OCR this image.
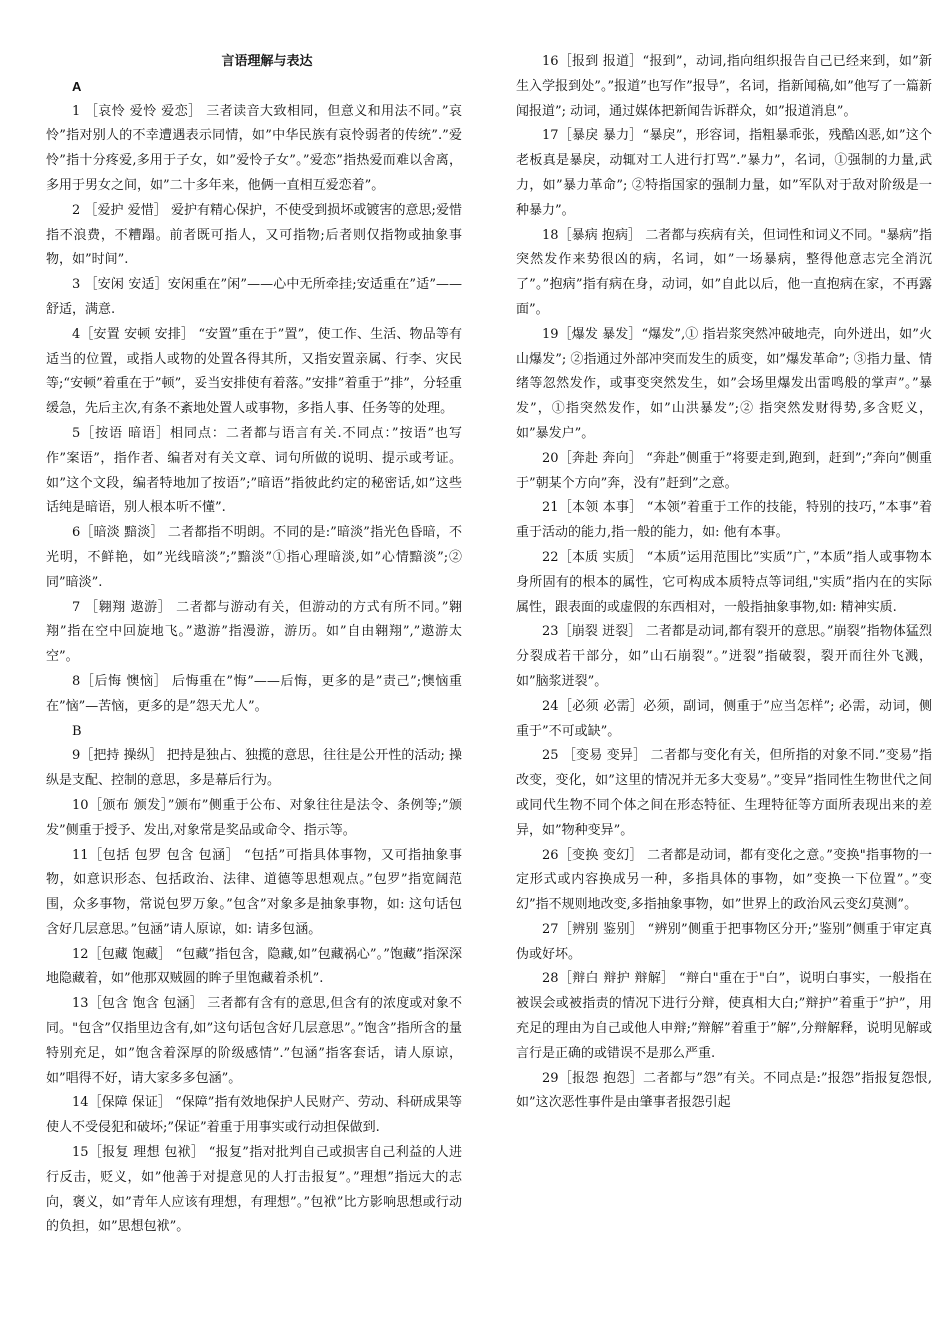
言语理解与表达

A

1 ［哀怜 爱怜 爱恋］ 三者读音大致相同，但意义和用法不同。”哀怜”指对别人的不幸遭遇表示同情，如”中华民族有哀怜弱者的传统”.”爱怜”指十分疼爱,多用于子女，如”爱怜子女”。”爱恋”指热爱而难以舍离，多用于男女之间，如”二十多年来，他俩一直相互爱恋着”。

2 ［爱护 爱惜］ 爱护有精心保护，不使受到损坏或镀害的意思;爱惜指不浪费，不糟蹋。前者既可指人，又可指物;后者则仅指物或抽象事物，如”时间”.

3 ［安闲 安适］安闲重在”闲”——心中无所牵挂;安适重在”适”——舒适，满意.

4［安置 安顿 安排］ “安置”重在于”置”，使工作、生活、物品等有适当的位置，或指人或物的处置各得其所，又指安置亲属、行李、灾民等;“安顿”着重在于”顿”，妥当安排使有着落。”安排”着重于”排”，分轻重缓急，先后主次,有条不紊地处置人或事物，多指人事、任务等的处理。

5［按语 暗语］相同点：二者都与语言有关.不同点：”按语”也写作”案语”，指作者、编者对有关文章、词句所做的说明、提示或考证。如”这个文段，编者特地加了按语”;”暗语”指彼此约定的秘密话,如”这些话纯是暗语，别人根本听不懂”.

6［暗淡 黯淡］ 二者都指不明朗。不同的是:”暗淡”指光色昏暗，不光明，不鲜艳，如”光线暗淡”;”黯淡”①指心理暗淡,如”心情黯淡”;②同”暗淡”.

7 ［翱翔 遨游］ 二者都与游动有关，但游动的方式有所不同。”翱翔”指在空中回旋地飞。”遨游”指漫游，游历。如”自由翱翔”,”遨游太空”。

8［后悔 懊恼］ 后悔重在”悔”——后悔，更多的是”责己”;懊恼重在”恼”—苦恼，更多的是”怨天尤人”。

B

9［把持 操纵］ 把持是独占、独揽的意思，往往是公开性的活动; 操纵是支配、控制的意思，多是幕后行为。

10［颁布 颁发］”颁布”侧重于公布、对象往往是法令、条例等;”颁发”侧重于授予、发出,对象常是奖品或命令、指示等。

11［包括 包罗 包含 包涵］ “包括”可指具体事物，又可指抽象事物，如意识形态、包括政治、法律、道德等思想观点。”包罗”指宽阔范围，众多事物，常说包罗万象。”包含”对象多是抽象事物，如: 这句话包含好几层意思。”包涵”请人原谅，如: 请多包涵。

12［包藏 饱藏］ “包藏”指包含，隐藏,如”包藏祸心”。”饱藏”指深深地隐藏着，如”他那双贼圆的眸子里饱藏着杀机”.

13［包含 饱含 包涵］ 三者都有含有的意思,但含有的浓度或对象不同。"包含”仅指里边含有,如”这句话包含好几层意思”。”饱含”指所含的量特别充足，如”饱含着深厚的阶级感情”.”包涵”指客套话，请人原谅，如”唱得不好，请大家多多包涵”。

14［保障 保证］ “保障”指有效地保护人民财产、劳动、科研成果等使人不受侵犯和破坏;”保证”着重于用事实或行动担保做到.

15［报复 理想 包袱］ “报复”指对批判自己或损害自己利益的人进行反击，贬义，如”他善于对提意见的人打击报复”。”理想”指远大的志向，褒义，如”青年人应该有理想，有理想”。”包袱”比方影响思想或行动的负担，如”思想包袱”。

16［报到 报道］“报到”，动词,指向组织报告自己已经来到，如”新生入学报到处”。”报道”也写作”报导”，名词，指新闻稿,如”他写了一篇新闻报道”; 动词，通过媒体把新闻告诉群众，如”报道消息”。

17［暴戾 暴力］“暴戾”，形容词，指粗暴乖张，残酷凶恶,如”这个老板真是暴戾，动辄对工人进行打骂”.”暴力”，名词，①强制的力量,武力，如”暴力革命”; ②特指国家的强制力量，如”军队对于敌对阶级是一种暴力”。

18［暴病 抱病］ 二者都与疾病有关，但词性和词义不同。"暴病”指突然发作来势很凶的病，名词，如”一场暴病，整得他意志完全消沉了”。”抱病”指有病在身，动词，如”自此以后，他一直抱病在家，不再露面”。

19［爆发 暴发］“爆发”,① 指岩浆突然冲破地壳，向外迸出，如”火山爆发”; ②指通过外部冲突而发生的质变，如”爆发革命”; ③指力量、情绪等忽然发作，或事变突然发生，如”会场里爆发出雷鸣般的掌声”。”暴发”，①指突然发作，如”山洪暴发”;② 指突然发财得势,多含贬义，如”暴发户”。

20［奔赴 奔向］ “奔赴”侧重于”将要走到,跑到，赶到”;”奔向”侧重于”朝某个方向”奔，没有”赶到”之意。

21［本领 本事］ “本领”着重于工作的技能，特别的技巧，”本事”着重于活动的能力,指一般的能力，如: 他有本事。

22［本质 实质］ “本质”运用范围比”实质”广，”本质”指人或事物本身所固有的根本的属性，它可构成本质特点等词组,"实质”指内在的实际属性，跟表面的或虚假的东西相对，一般指抽象事物,如: 精神实质.

23［崩裂 迸裂］ 二者都是动词,都有裂开的意思。”崩裂”指物体猛烈分裂成若干部分，如”山石崩裂”。”迸裂”指破裂，裂开而往外飞溅，如”脑浆迸裂”。

24［必须 必需］必须，副词，侧重于”应当怎样”; 必需，动词，侧重于”不可或缺”。

25 ［变易 变异］ 二者都与变化有关，但所指的对象不同.”变易”指改变，变化，如”这里的情况并无多大变易”。”变异”指同性生物世代之间或同代生物不同个体之间在形态特征、生理特征等方面所表现出来的差异，如”物种变异”。

26［变换 变幻］ 二者都是动词，都有变化之意。”变换"指事物的一定形式或内容换成另一种，多指具体的事物，如”变换一下位置”。”变幻”指不规则地改变,多指抽象事物，如”世界上的政治风云变幻莫测”。

27［辨别 鉴别］ “辨别”侧重于把事物区分开;”鉴别”侧重于审定真伪或好坏。

28［辩白 辩护 辩解］ “辩白"重在于"白”，说明白事实，一般指在被误会或被指责的情况下进行分辩，使真相大白;”辩护”着重于”护”，用充足的理由为自己或他人申辩;”辩解”着重于”解”,分辩解释，说明见解或言行是正确的或错误不是那么严重.

29［报怨 抱怨］二者都与”怨”有关。不同点是:”报怨”指报复怨恨,如”这次恶性事件是由肇事者报怨引起
